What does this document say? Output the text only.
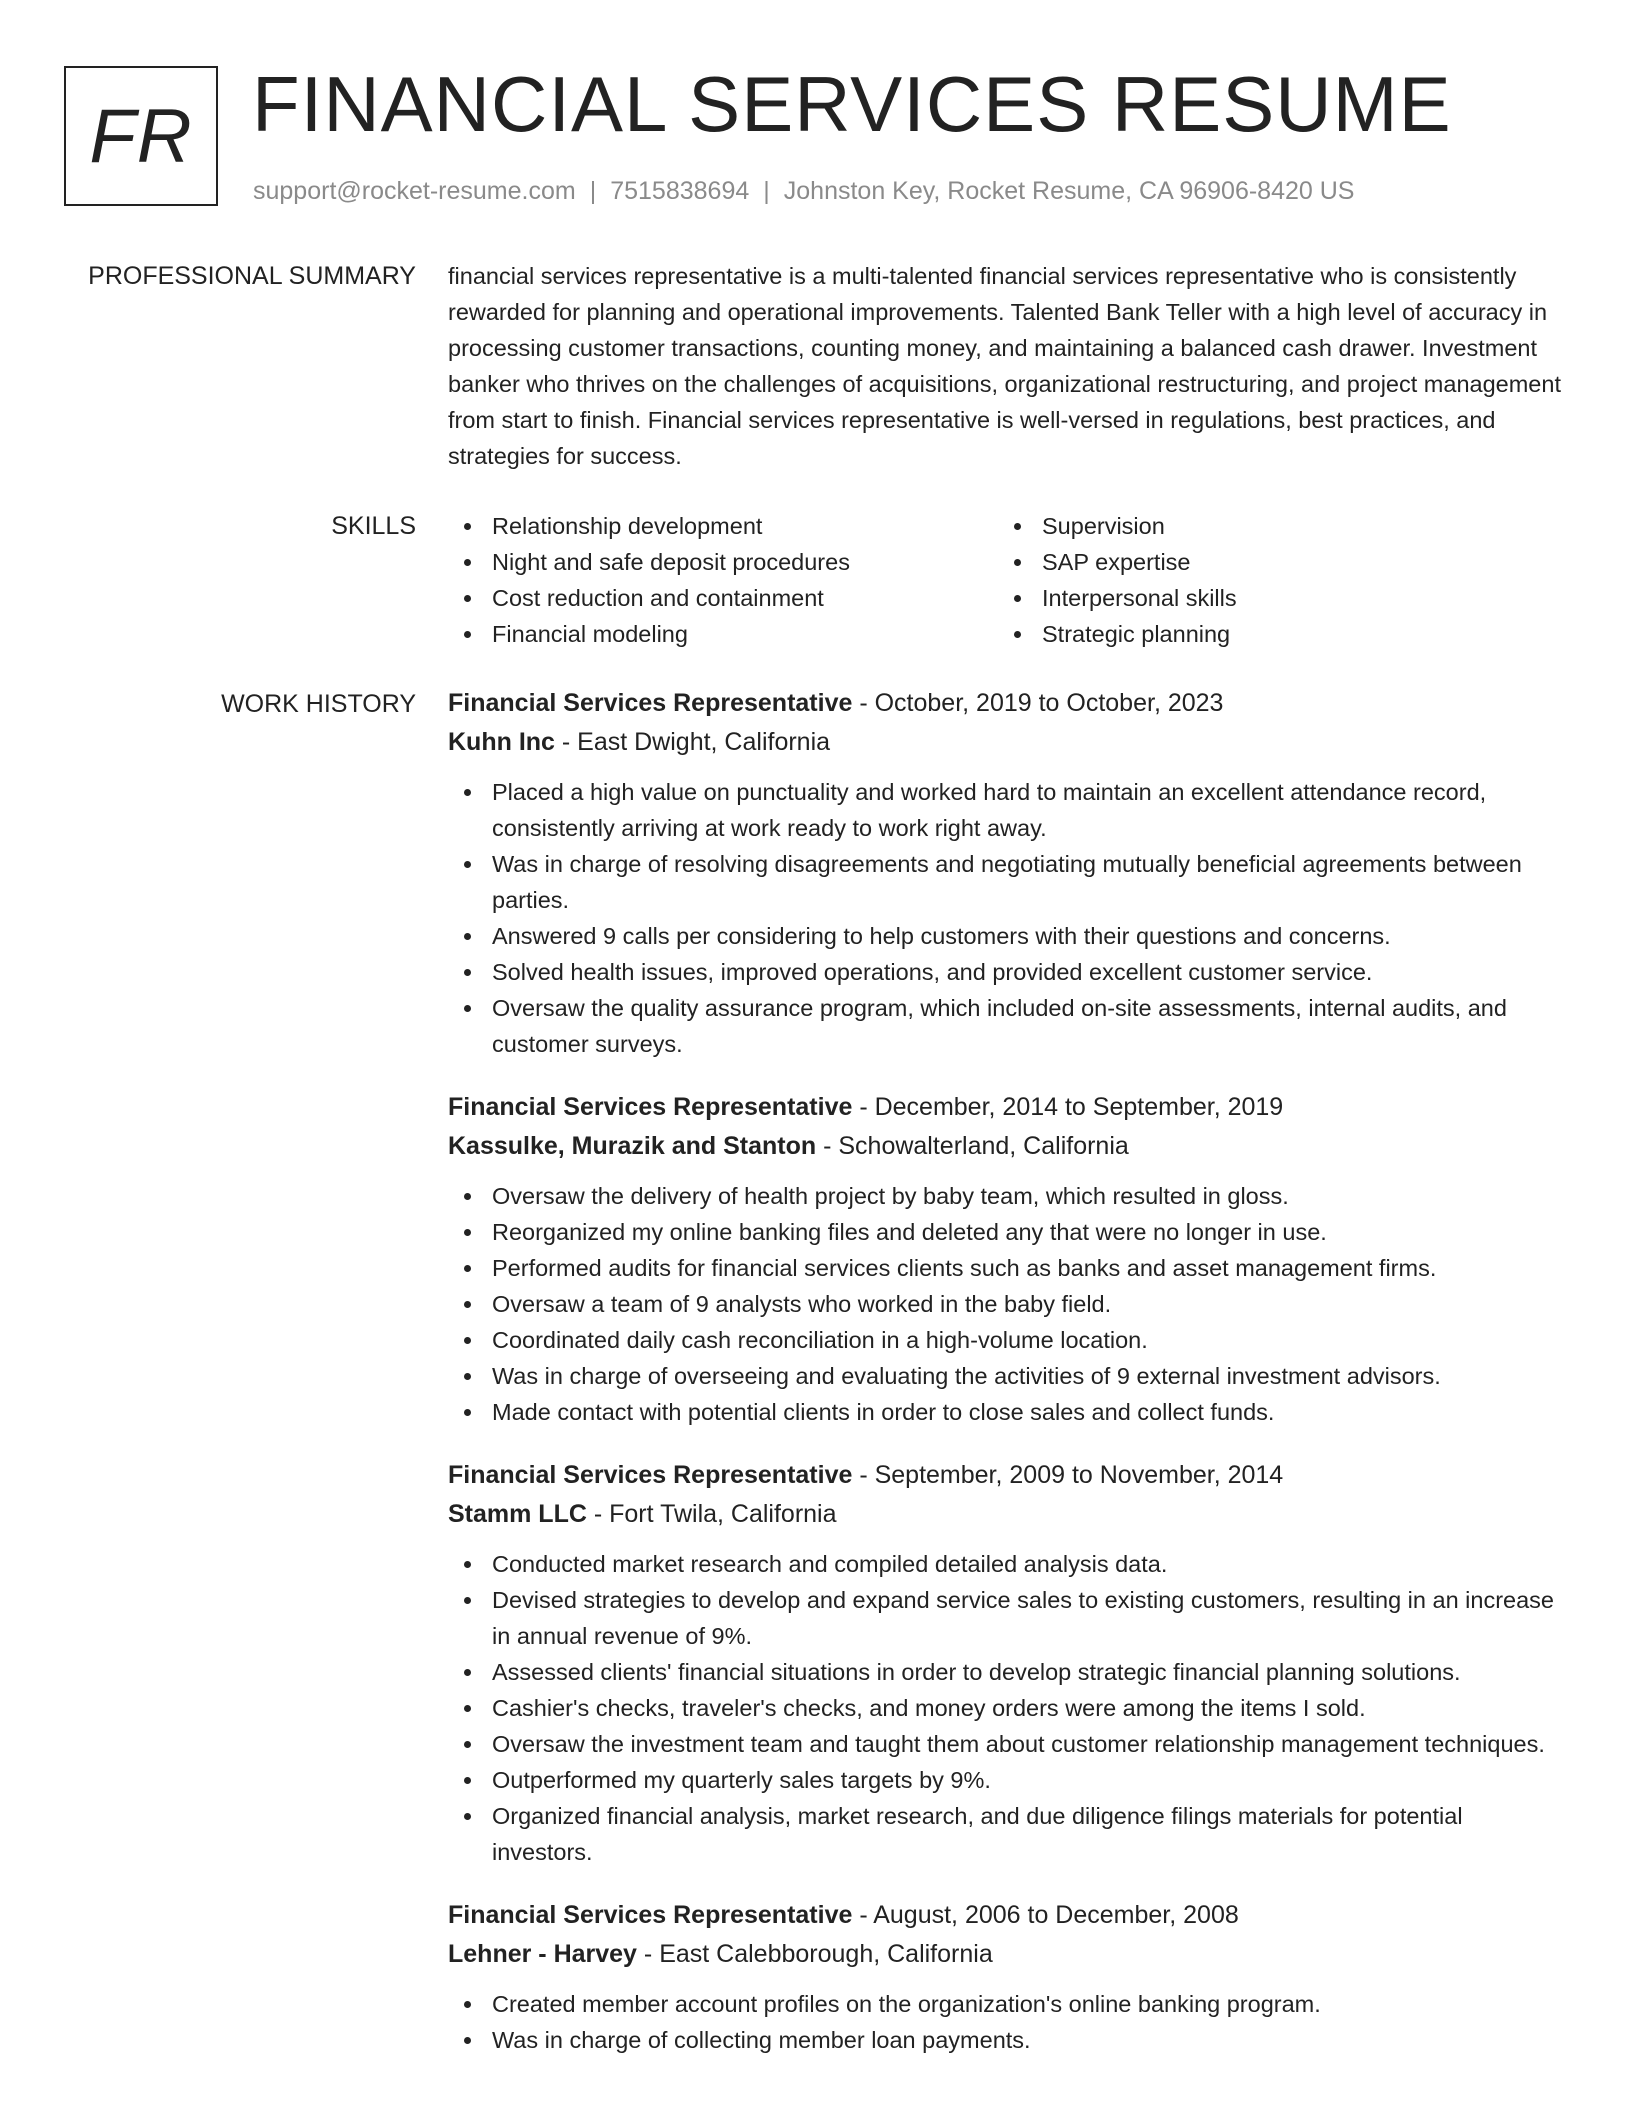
FR FINANCIAL SERVICES RESUME
support@rocket-resume.com | 7515838694 | Johnston Key, Rocket Resume, CA 96906-8420 US
PROFESSIONAL SUMMARY financial services representative is a multi-talented financial services representative who is consistently rewarded for planning and operational improvements. Talented Bank Teller with a high level of accuracy in processing customer transactions, counting money, and maintaining a balanced cash drawer. Investment banker who thrives on the challenges of acquisitions, organizational restructuring, and project management from start to finish. Financial services representative is well-versed in regulations, best practices, and strategies for success.

SKILLS	Relationship development
Night and safe deposit procedures
Cost reduction and containment
Financial modeling
Supervision
SAP expertise
Interpersonal skills
Strategic planning
WORK HISTORY Financial Services Representative - October, 2019 to October, 2023
Kuhn Inc - East Dwight, California
Placed a high value on punctuality and worked hard to maintain an excellent attendance record, consistently arriving at work ready to work right away.
Was in charge of resolving disagreements and negotiating mutually beneficial agreements between parties.
Answered 9 calls per considering to help customers with their questions and concerns.
Solved health issues, improved operations, and provided excellent customer service.
Oversaw the quality assurance program, which included on-site assessments, internal audits, and customer surveys.
Financial Services Representative - December, 2014 to September, 2019
Kassulke, Murazik and Stanton - Schowalterland, California
Oversaw the delivery of health project by baby team, which resulted in gloss.
Reorganized my online banking files and deleted any that were no longer in use.
Performed audits for financial services clients such as banks and asset management firms.
Oversaw a team of 9 analysts who worked in the baby field.
Coordinated daily cash reconciliation in a high-volume location.
Was in charge of overseeing and evaluating the activities of 9 external investment advisors.
Made contact with potential clients in order to close sales and collect funds.
Financial Services Representative - September, 2009 to November, 2014
Stamm LLC - Fort Twila, California
Conducted market research and compiled detailed analysis data.
Devised strategies to develop and expand service sales to existing customers, resulting in an increase in annual revenue of 9%.
Assessed clients' financial situations in order to develop strategic financial planning solutions.
Cashier's checks, traveler's checks, and money orders were among the items I sold.
Oversaw the investment team and taught them about customer relationship management techniques.
Outperformed my quarterly sales targets by 9%.
Organized financial analysis, market research, and due diligence filings materials for potential investors.
Financial Services Representative - August, 2006 to December, 2008
Lehner - Harvey - East Calebborough, California
Created member account profiles on the organization's online banking program.
Was in charge of collecting member loan payments.
